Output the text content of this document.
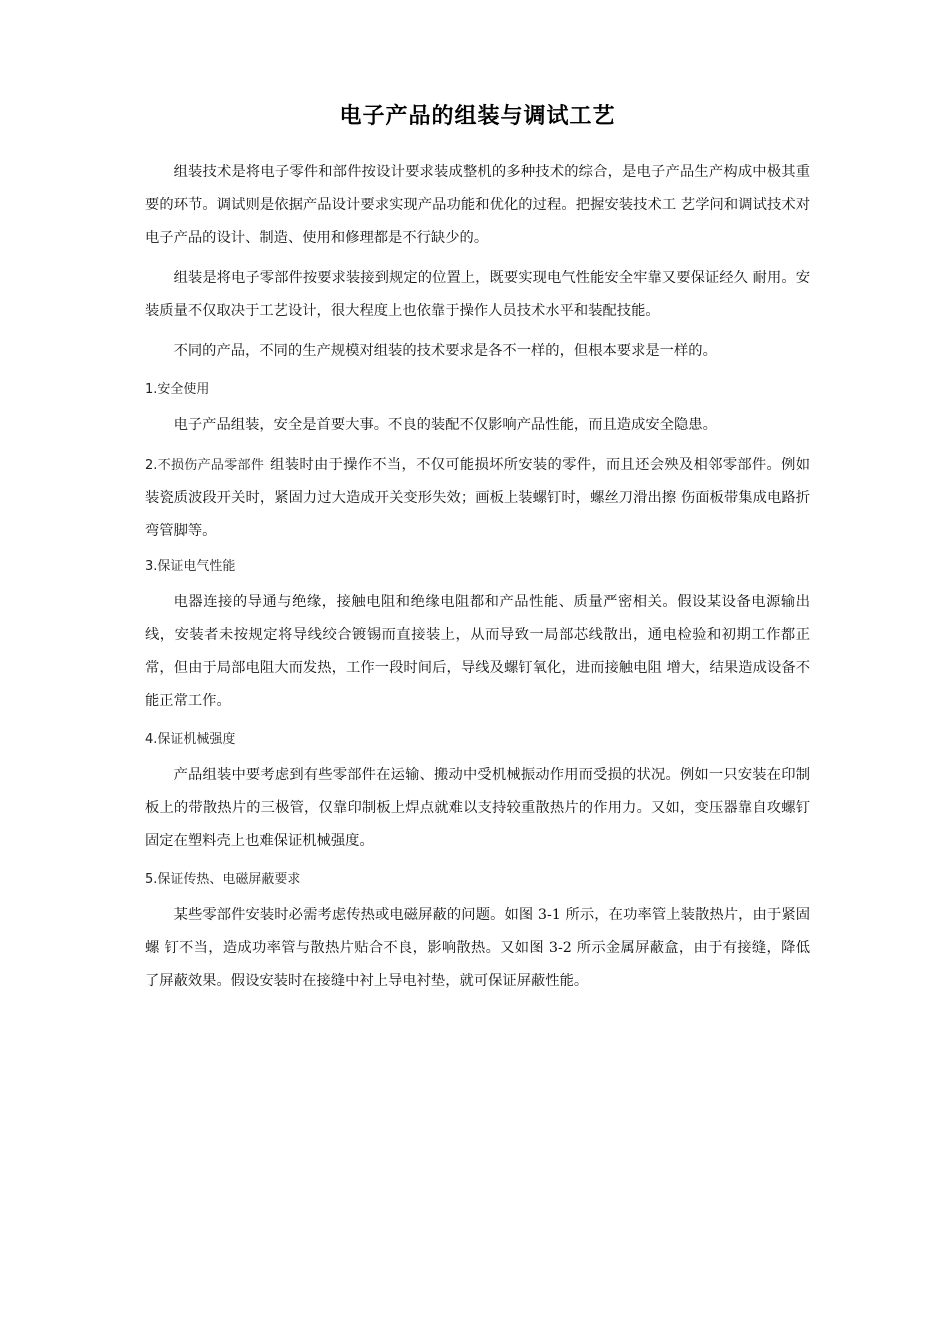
电子产品的组装与调试工艺

组装技术是将电子零件和部件按设计要求装成整机的多种技术的综合，是电子产品生产构成中极其重要的环节。调试则是依据产品设计要求实现产品功能和优化的过程。把握安装技术工 艺学问和调试技术对电子产品的设计、制造、使用和修理都是不行缺少的。

组装是将电子零部件按要求装接到规定的位置上，既要实现电气性能安全牢靠又要保证经久 耐用。安装质量不仅取决于工艺设计，很大程度上也依靠于操作人员技术水平和装配技能。

不同的产品，不同的生产规模对组装的技术要求是各不一样的，但根本要求是一样的。

1.安全使用

电子产品组装，安全是首要大事。不良的装配不仅影响产品性能，而且造成安全隐患。

2.不损伤产品零部件 组装时由于操作不当，不仅可能损坏所安装的零件，而且还会殃及相邻零部件。例如装瓷质波段开关时，紧固力过大造成开关变形失效；画板上装螺钉时，螺丝刀滑出擦 伤面板带集成电路折弯管脚等。

3.保证电气性能

电器连接的导通与绝缘，接触电阻和绝缘电阻都和产品性能、质量严密相关。假设某设备电源输出线，安装者未按规定将导线绞合镀锡而直接装上，从而导致一局部芯线散出，通电检验和初期工作都正常，但由于局部电阻大而发热，工作一段时间后，导线及螺钉氧化，进而接触电阻 增大，结果造成设备不能正常工作。

4.保证机械强度

产品组装中要考虑到有些零部件在运输、搬动中受机械振动作用而受损的状况。例如一只安装在印制板上的带散热片的三极管，仅靠印制板上焊点就难以支持较重散热片的作用力。又如，变压器靠自攻螺钉固定在塑料壳上也难保证机械强度。

5.保证传热、电磁屏蔽要求

某些零部件安装时必需考虑传热或电磁屏蔽的问题。如图 3-1 所示，在功率管上装散热片，由于紧固螺 钉不当，造成功率管与散热片贴合不良，影响散热。又如图 3-2 所示金属屏蔽盒，由于有接缝，降低了屏蔽效果。假设安装时在接缝中衬上导电衬垫，就可保证屏蔽性能。
